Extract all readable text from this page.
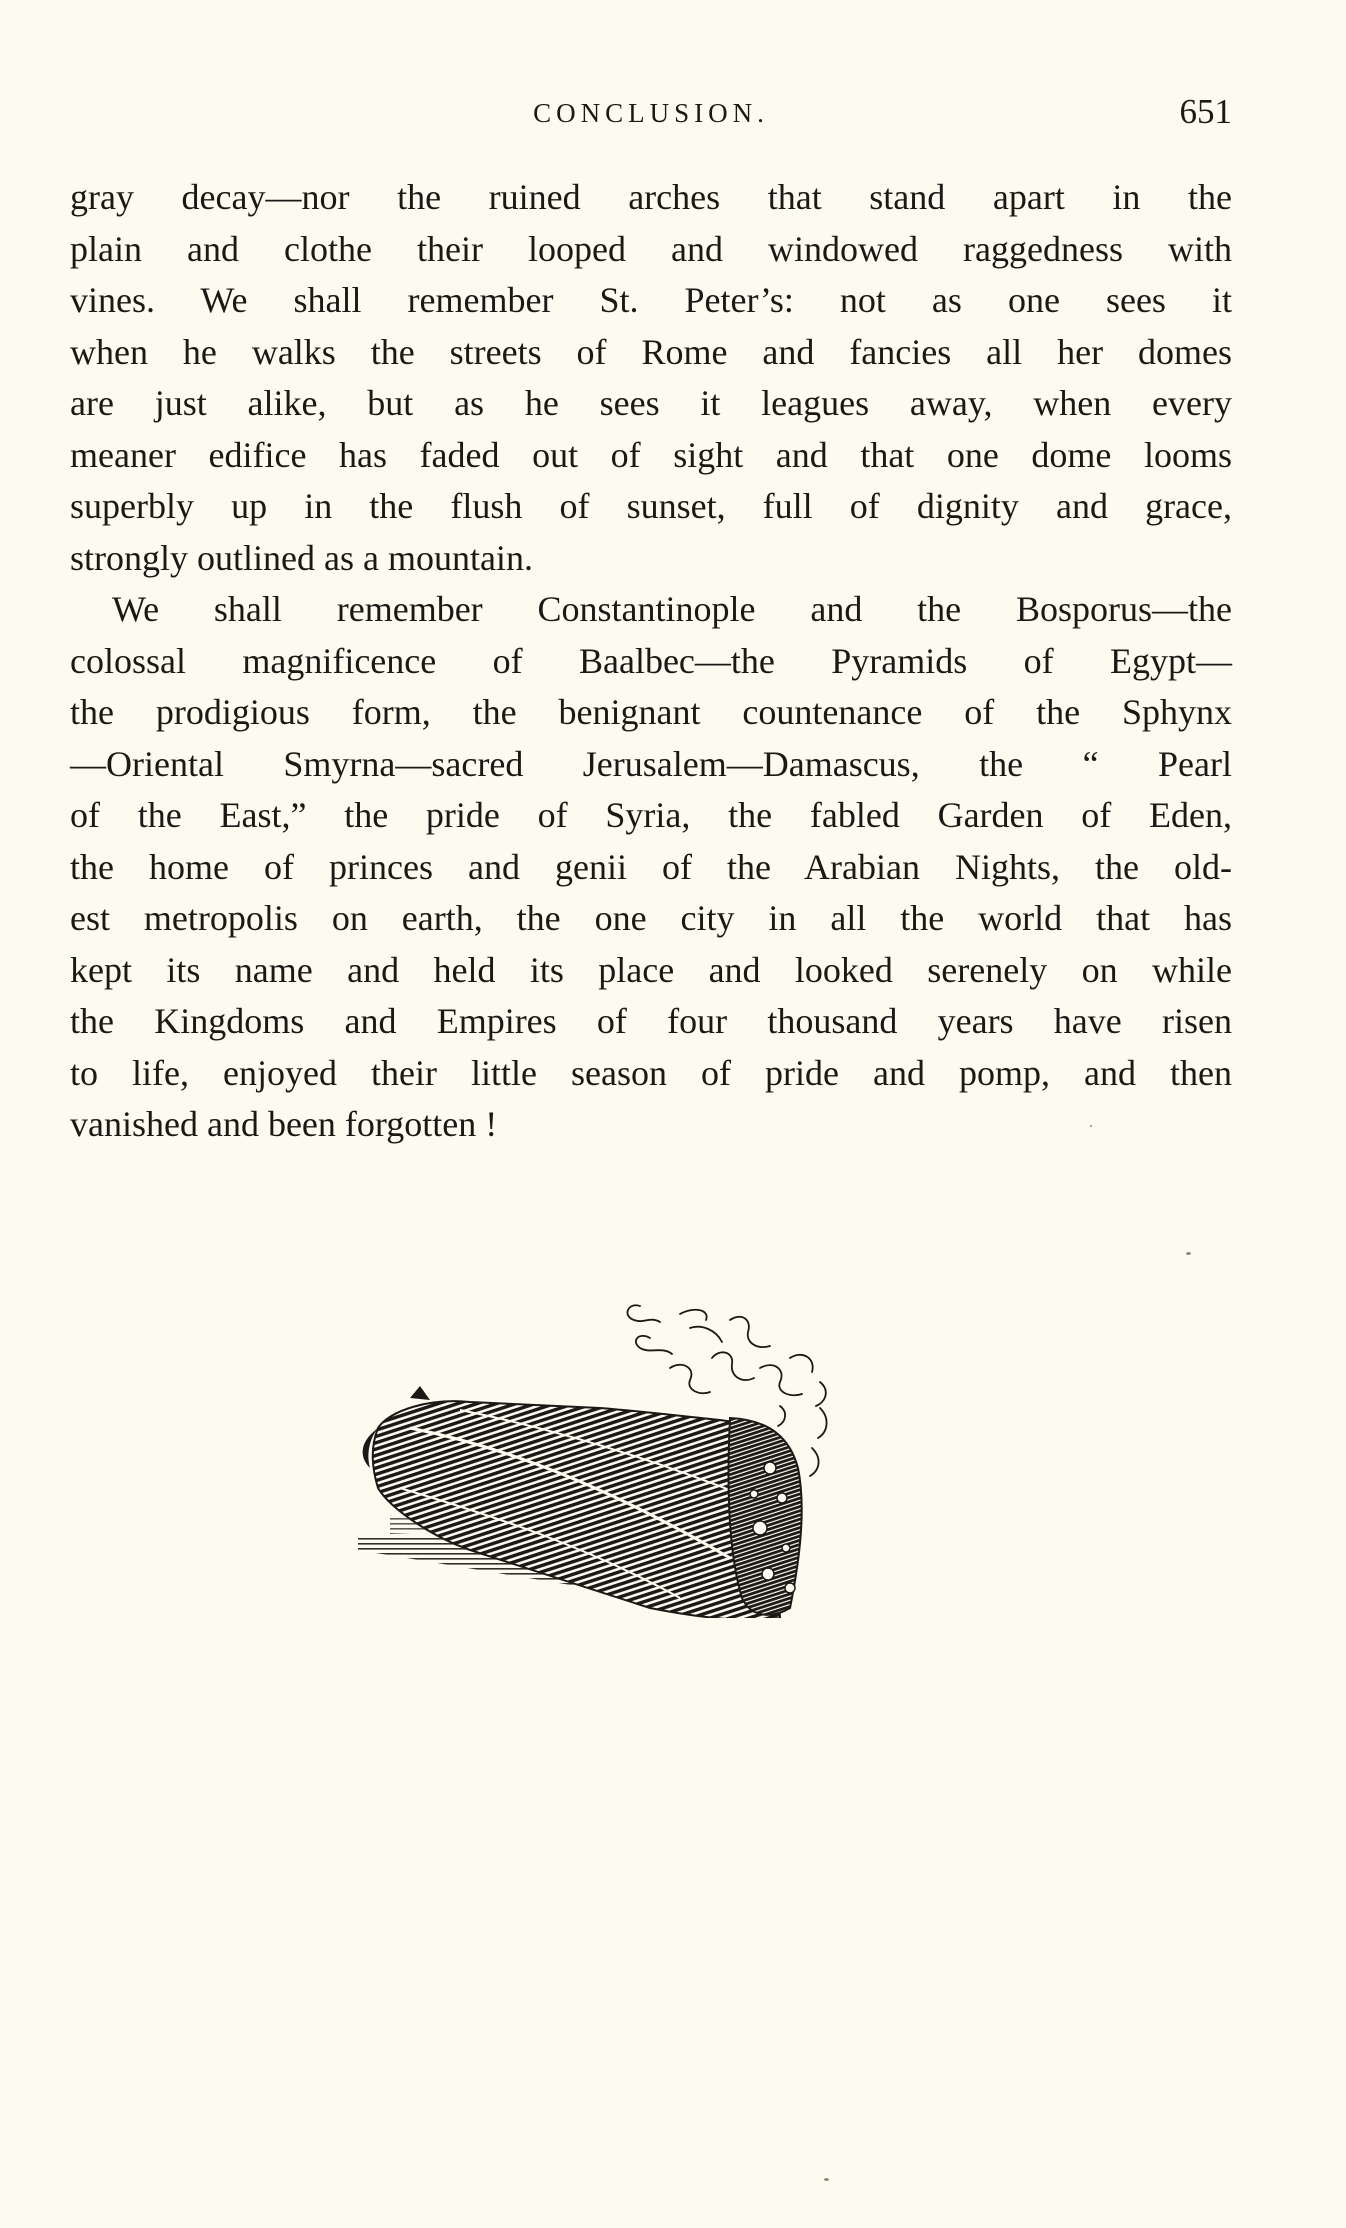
CONCLUSION.	651
gray decay—nor the ruined arches that stand apart in the
plain and clothe their looped and windowed raggedness with
vines. We shall remember St. Peter’s: not as one sees it
when he walks the streets of Rome and fancies all her domes
are just alike, but as he sees it leagues away, when every
meaner edifice has faded out of sight and that one dome looms
superbly up in the flush of sunset, full of dignity and grace,
strongly outlined as a mountain.
We shall remember Constantinople and the Bosporus—the
colossal magnificence of Baalbec—the Pyramids of Egypt—
the prodigious form, the benignant countenance of the Sphynx
—Oriental Smyrna—sacred Jerusalem—Damascus, the “ Pearl
of the East,” the pride of Syria, the fabled Garden of Eden,
the home of princes and genii of the Arabian Nights, the old-
est metropolis on earth, the one city in all the world that has
kept its name and held its place and looked serenely on while
the Kingdoms and Empires of four thousand years have risen
to life, enjoyed their little season of pride and pomp, and then
vanished and been forgotten !
